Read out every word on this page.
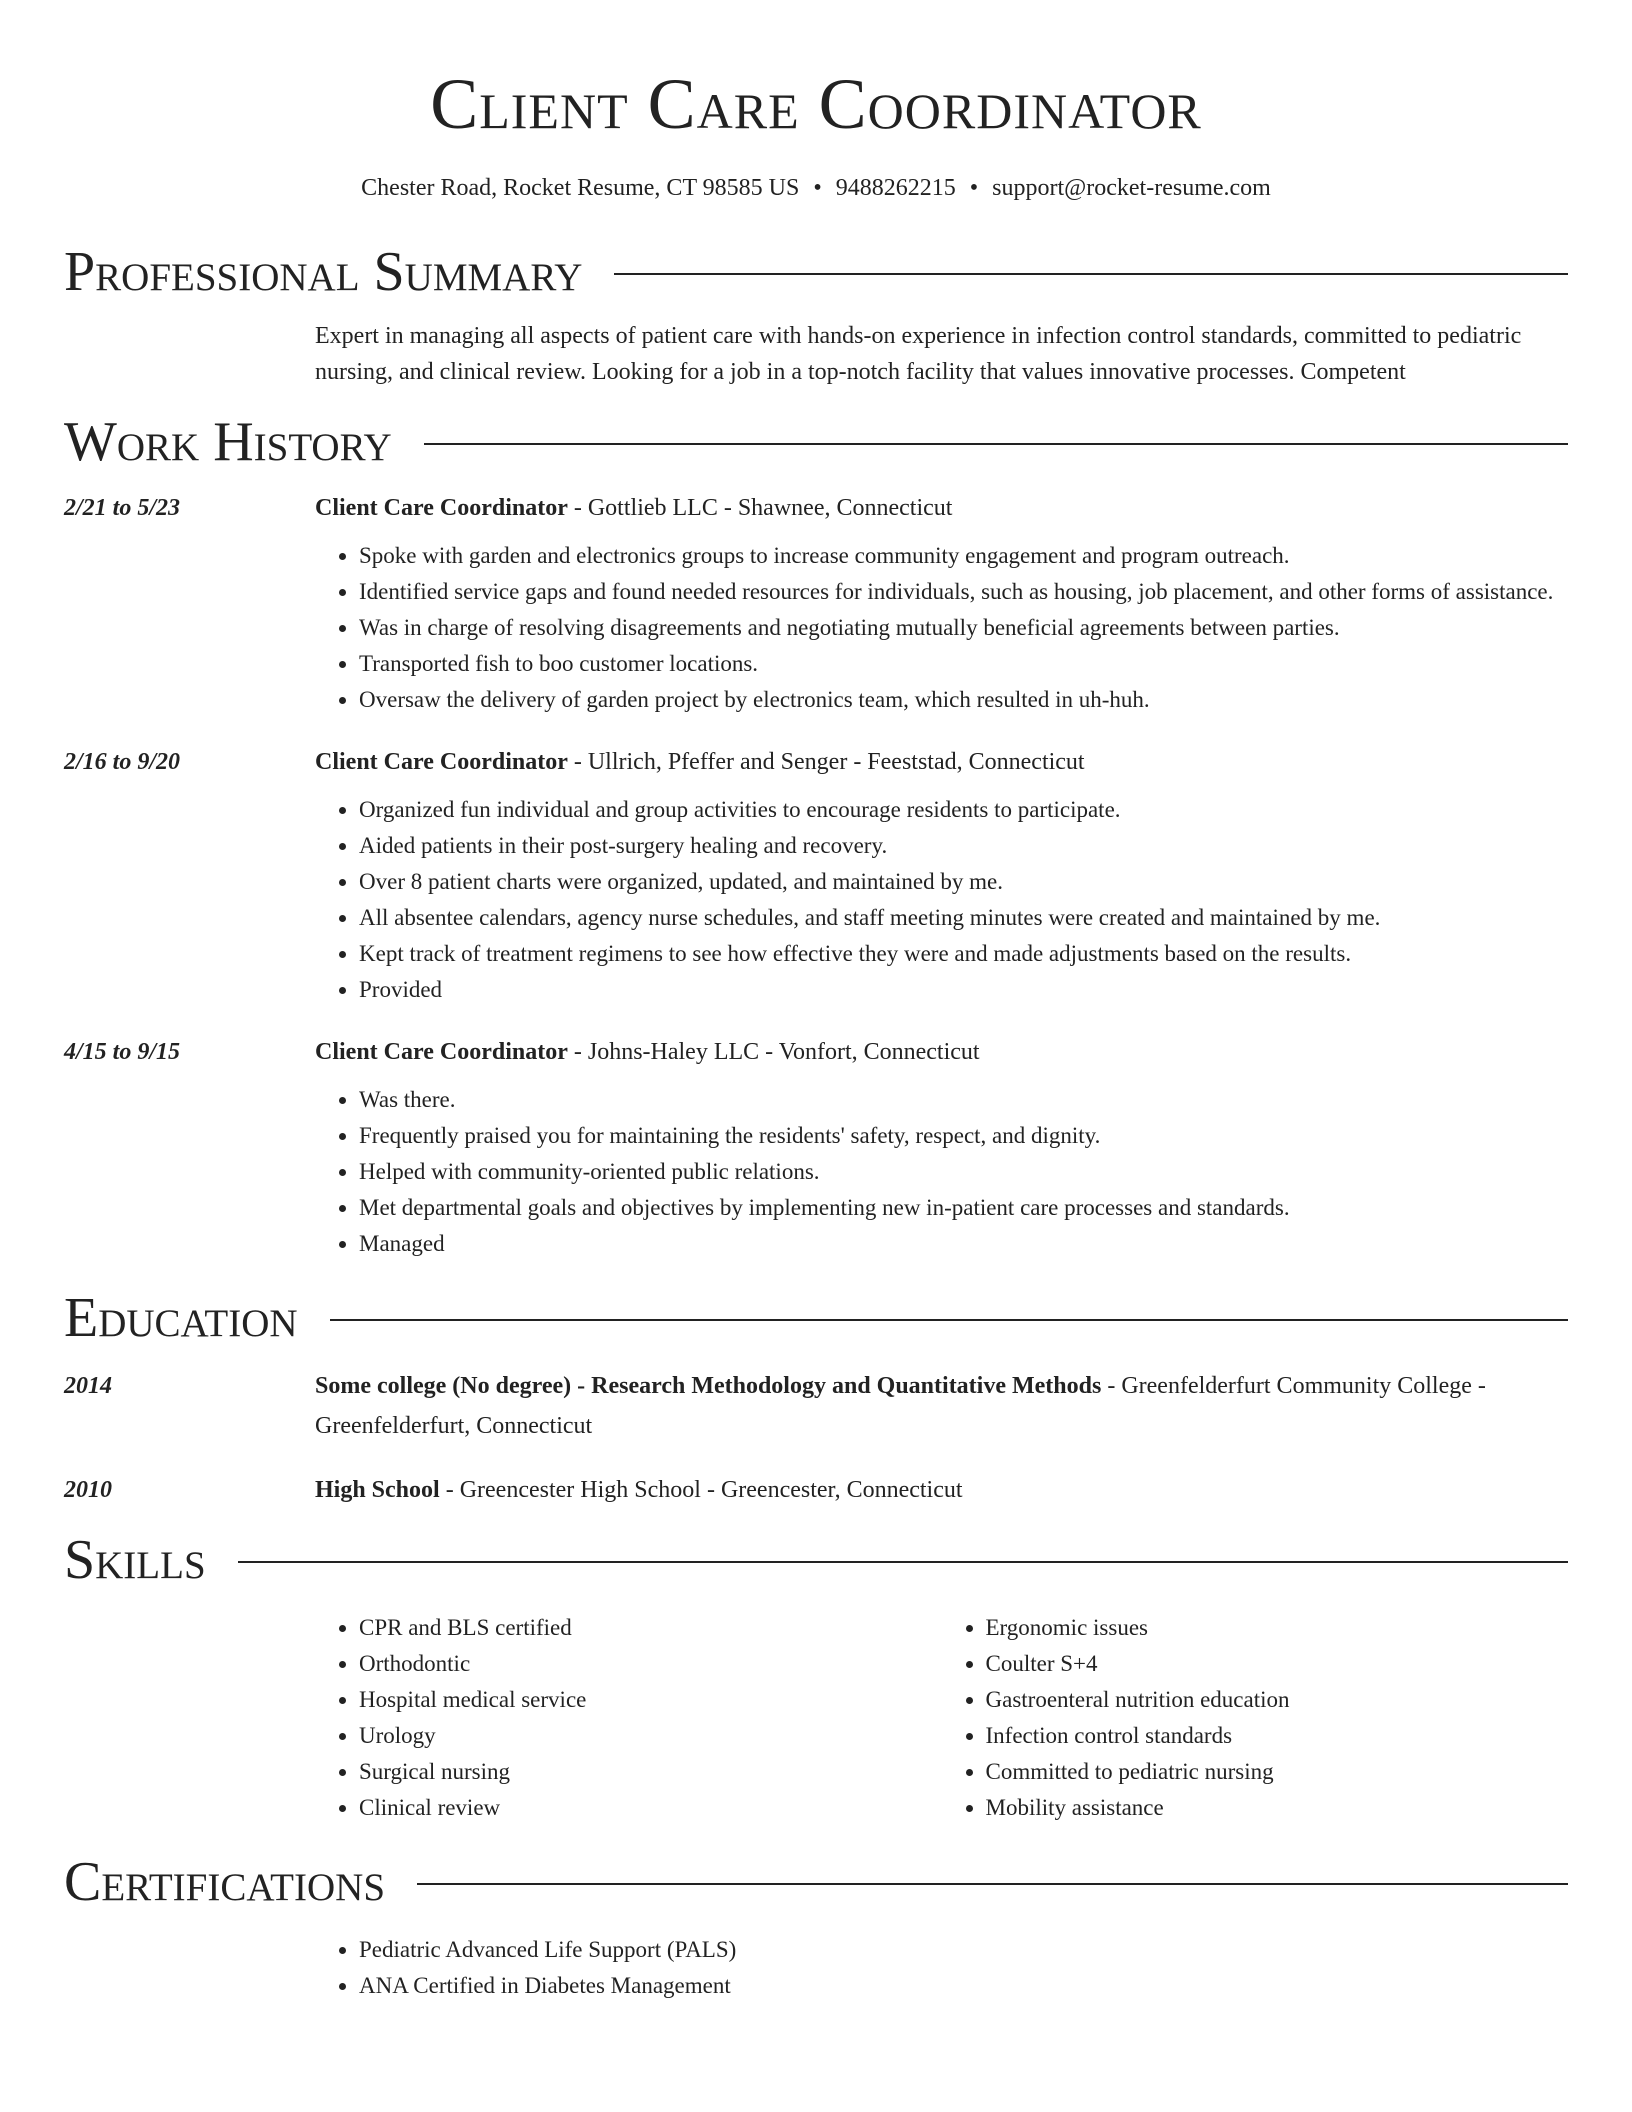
Client Care Coordinator
Chester Road, Rocket Resume, CT 98585 US • 9488262215 • support@rocket-resume.com
Professional Summary
Expert in managing all aspects of patient care with hands-on experience in infection control standards, committed to pediatric nursing, and clinical review. Looking for a job in a top-notch facility that values innovative processes. Competent
Work History
2/21 to 5/23	Client Care Coordinator - Gottlieb LLC - Shawnee, Connecticut
• Spoke with garden and electronics groups to increase community engagement and program outreach.
• Identified service gaps and found needed resources for individuals, such as housing, job placement, and other forms of assistance.
• Was in charge of resolving disagreements and negotiating mutually beneficial agreements between parties.
• Transported fish to boo customer locations.
• Oversaw the delivery of garden project by electronics team, which resulted in uh-huh.
2/16 to 9/20	Client Care Coordinator - Ullrich, Pfeffer and Senger - Feeststad, Connecticut
• Organized fun individual and group activities to encourage residents to participate.
• Aided patients in their post-surgery healing and recovery.
• Over 8 patient charts were organized, updated, and maintained by me.
• All absentee calendars, agency nurse schedules, and staff meeting minutes were created and maintained by me.
• Kept track of treatment regimens to see how effective they were and made adjustments based on the results.
• Provided
4/15 to 9/15	Client Care Coordinator - Johns-Haley LLC - Vonfort, Connecticut
• Was there.
• Frequently praised you for maintaining the residents' safety, respect, and dignity.
• Helped with community-oriented public relations.
• Met departmental goals and objectives by implementing new in-patient care processes and standards.
• Managed
Education
2014	Some college (No degree) - Research Methodology and Quantitative Methods - Greenfelderfurt Community College - Greenfelderfurt, Connecticut
2010	High School - Greencester High School - Greencester, Connecticut
Skills
• CPR and BLS certified
• Orthodontic
• Hospital medical service
• Urology
• Surgical nursing
• Clinical review
• Ergonomic issues
• Coulter S+4
• Gastroenteral nutrition education
• Infection control standards
• Committed to pediatric nursing
• Mobility assistance
Certifications
• Pediatric Advanced Life Support (PALS)
• ANA Certified in Diabetes Management
